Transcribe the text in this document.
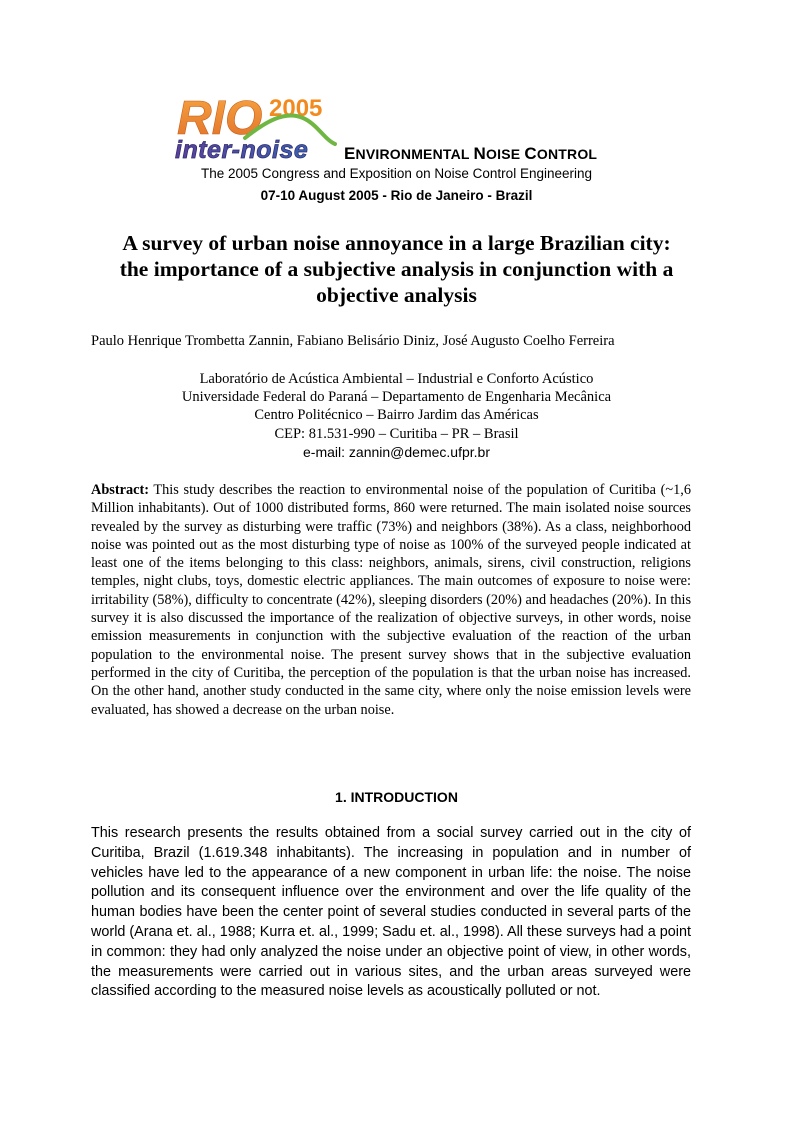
RIO 2005
inter-noise ENVIRONMENTAL NOISE CONTROL
The 2005 Congress and Exposition on Noise Control Engineering
07-10 August 2005 - Rio de Janeiro - Brazil
A survey of urban noise annoyance in a large Brazilian city:
the importance of a subjective analysis in conjunction with a
objective analysis
Paulo Henrique Trombetta Zannin, Fabiano Belisário Diniz, José Augusto Coelho Ferreira
Laboratório de Acústica Ambiental – Industrial e Conforto Acústico
Universidade Federal do Paraná – Departamento de Engenharia Mecânica
Centro Politécnico – Bairro Jardim das Américas
CEP: 81.531-990 – Curitiba – PR – Brasil
e-mail: zannin@demec.ufpr.br
Abstract: This study describes the reaction to environmental noise of the population of Curitiba (~1,6 Million inhabitants). Out of 1000 distributed forms, 860 were returned. The main isolated noise sources revealed by the survey as disturbing were traffic (73%) and neighbors (38%). As a class, neighborhood noise was pointed out as the most disturbing type of noise as 100% of the surveyed people indicated at least one of the items belonging to this class: neighbors, animals, sirens, civil construction, religions temples, night clubs, toys, domestic electric appliances. The main outcomes of exposure to noise were: irritability (58%), difficulty to concentrate (42%), sleeping disorders (20%) and headaches (20%). In this survey it is also discussed the importance of the realization of objective surveys, in other words, noise emission measurements in conjunction with the subjective evaluation of the reaction of the urban population to the environmental noise. The present survey shows that in the subjective evaluation performed in the city of Curitiba, the perception of the population is that the urban noise has increased. On the other hand, another study conducted in the same city, where only the noise emission levels were evaluated, has showed a decrease on the urban noise.
1. INTRODUCTION
This research presents the results obtained from a social survey carried out in the city of Curitiba, Brazil (1.619.348 inhabitants). The increasing in population and in number of vehicles have led to the appearance of a new component in urban life: the noise. The noise pollution and its consequent influence over the environment and over the life quality of the human bodies have been the center point of several studies conducted in several parts of the world (Arana et. al., 1988; Kurra et. al., 1999; Sadu et. al., 1998). All these surveys had a point in common: they had only analyzed the noise under an objective point of view, in other words, the measurements were carried out in various sites, and the urban areas surveyed were classified according to the measured noise levels as acoustically polluted or not.
